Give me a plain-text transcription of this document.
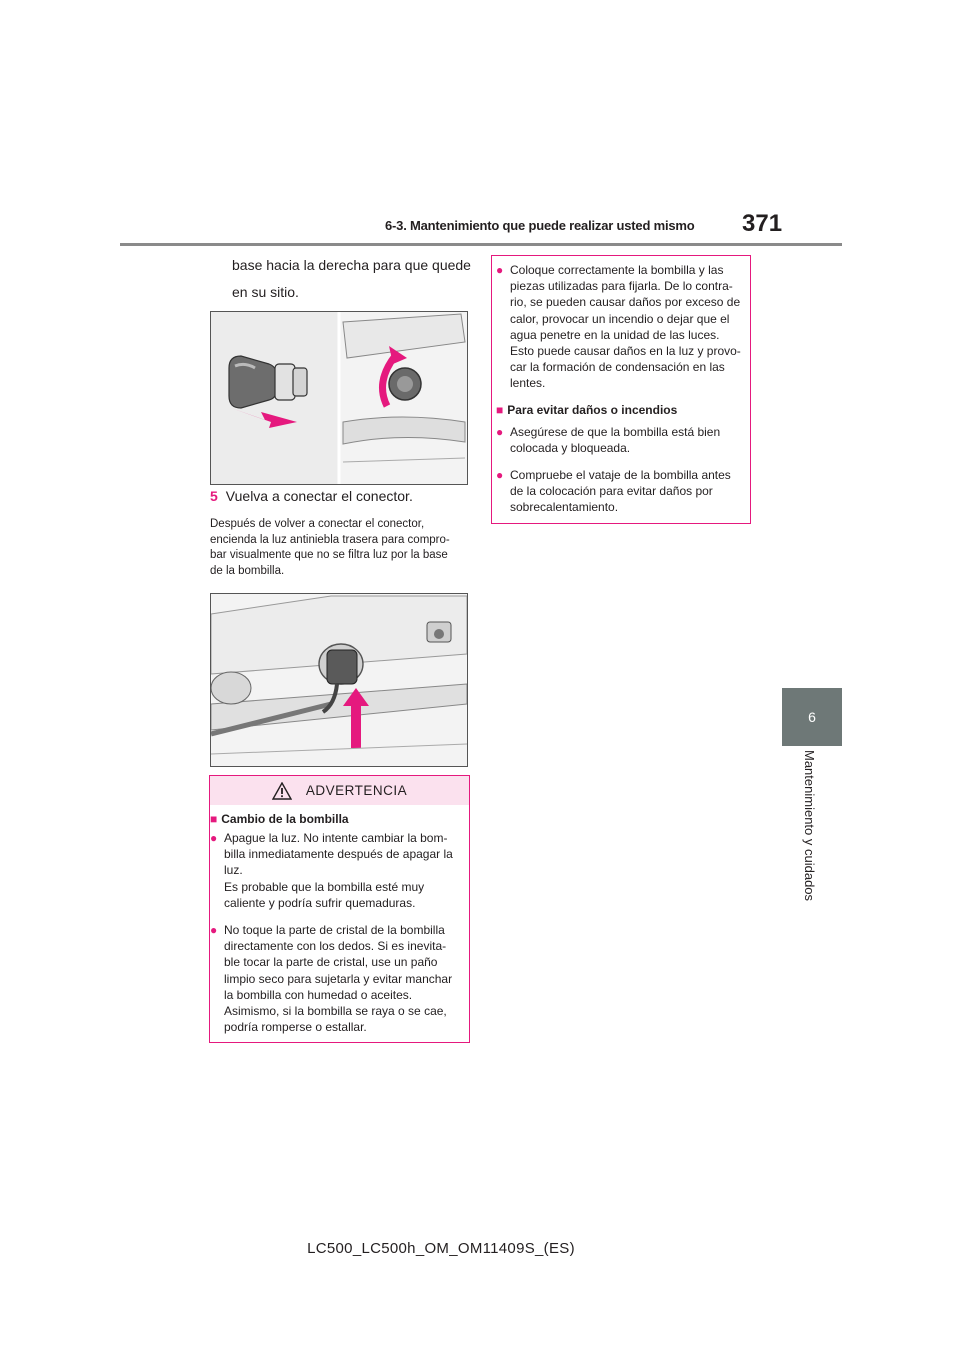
6-3. Mantenimiento que puede realizar usted mismo 371
6
Mantenimiento y cuidados
base hacia la derecha para que quede
en su sitio.
5 Vuelva a conectar el conector.
Después de volver a conectar el conector,
encienda la luz antiniebla trasera para compro-
bar visualmente que no se filtra luz por la base
de la bombilla.
ADVERTENCIA
■ Cambio de la bombilla
● Apague la luz. No intente cambiar la bom-
billa inmediatamente después de apagar la
luz.
Es probable que la bombilla esté muy
caliente y podría sufrir quemaduras.
● No toque la parte de cristal de la bombilla
directamente con los dedos. Si es inevita-
ble tocar la parte de cristal, use un paño
limpio seco para sujetarla y evitar manchar
la bombilla con humedad o aceites.
Asimismo, si la bombilla se raya o se cae,
podría romperse o estallar.
● Coloque correctamente la bombilla y las
piezas utilizadas para fijarla. De lo contra-
rio, se pueden causar daños por exceso de
calor, provocar un incendio o dejar que el
agua penetre en la unidad de las luces.
Esto puede causar daños en la luz y provo-
car la formación de condensación en las
lentes.
■ Para evitar daños o incendios
● Asegúrese de que la bombilla está bien
colocada y bloqueada.
● Compruebe el vataje de la bombilla antes
de la colocación para evitar daños por
sobrecalentamiento.
LC500_LC500h_OM_OM11409S_(ES)
